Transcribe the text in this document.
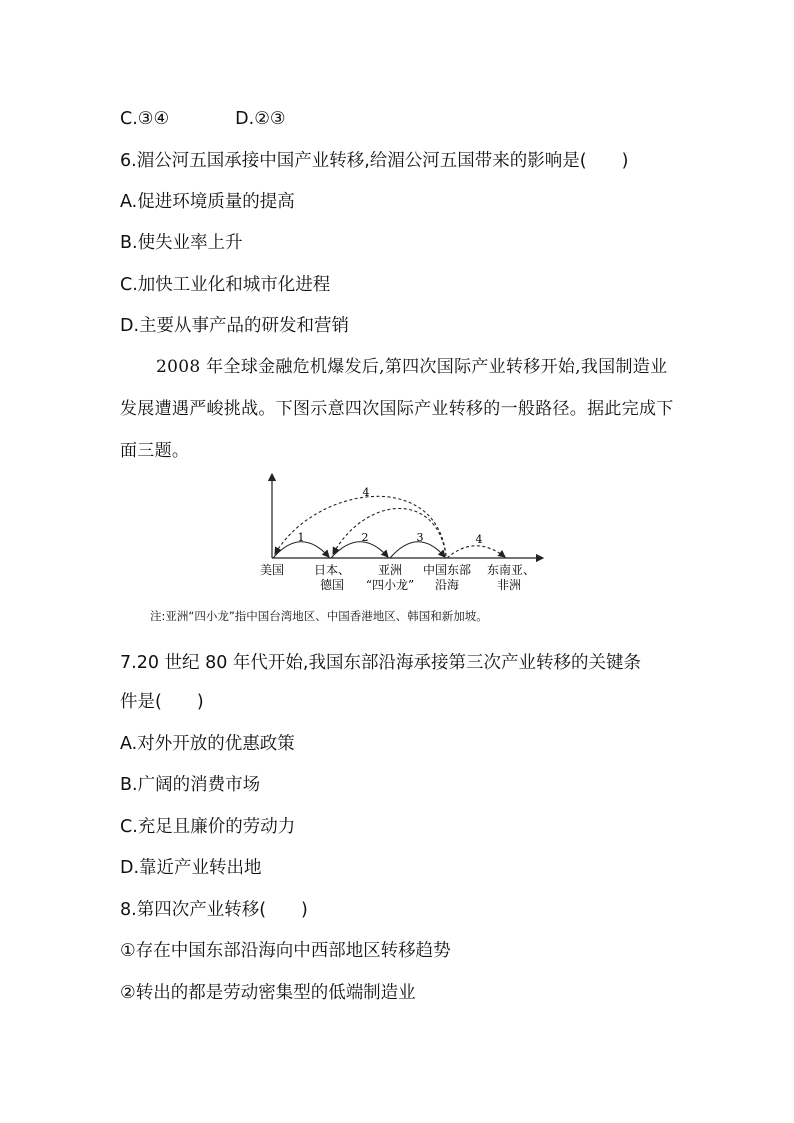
C.③④	D.②③
6.湄公河五国承接中国产业转移,给湄公河五国带来的影响是(　　)
A.促进环境质量的提高
B.使失业率上升
C.加快工业化和城市化进程
D.主要从事产品的研发和营销
2008 年全球金融危机爆发后,第四次国际产业转移开始,我国制造业发展遭遇严峻挑战。下图示意四次国际产业转移的一般路径。据此完成下面三题。
1	2	3
4
4
美国 日本、
德国
亚洲
“四小龙”
中国东部
沿海
东南亚、
非洲
注:亚洲“四小龙”指中国台湾地区、中国香港地区、韩国和新加坡。
7.20 世纪 80 年代开始,我国东部沿海承接第三次产业转移的关键条
件是(　　)
A.对外开放的优惠政策
B.广阔的消费市场
C.充足且廉价的劳动力
D.靠近产业转出地
8.第四次产业转移(　　)
①存在中国东部沿海向中西部地区转移趋势
②转出的都是劳动密集型的低端制造业
